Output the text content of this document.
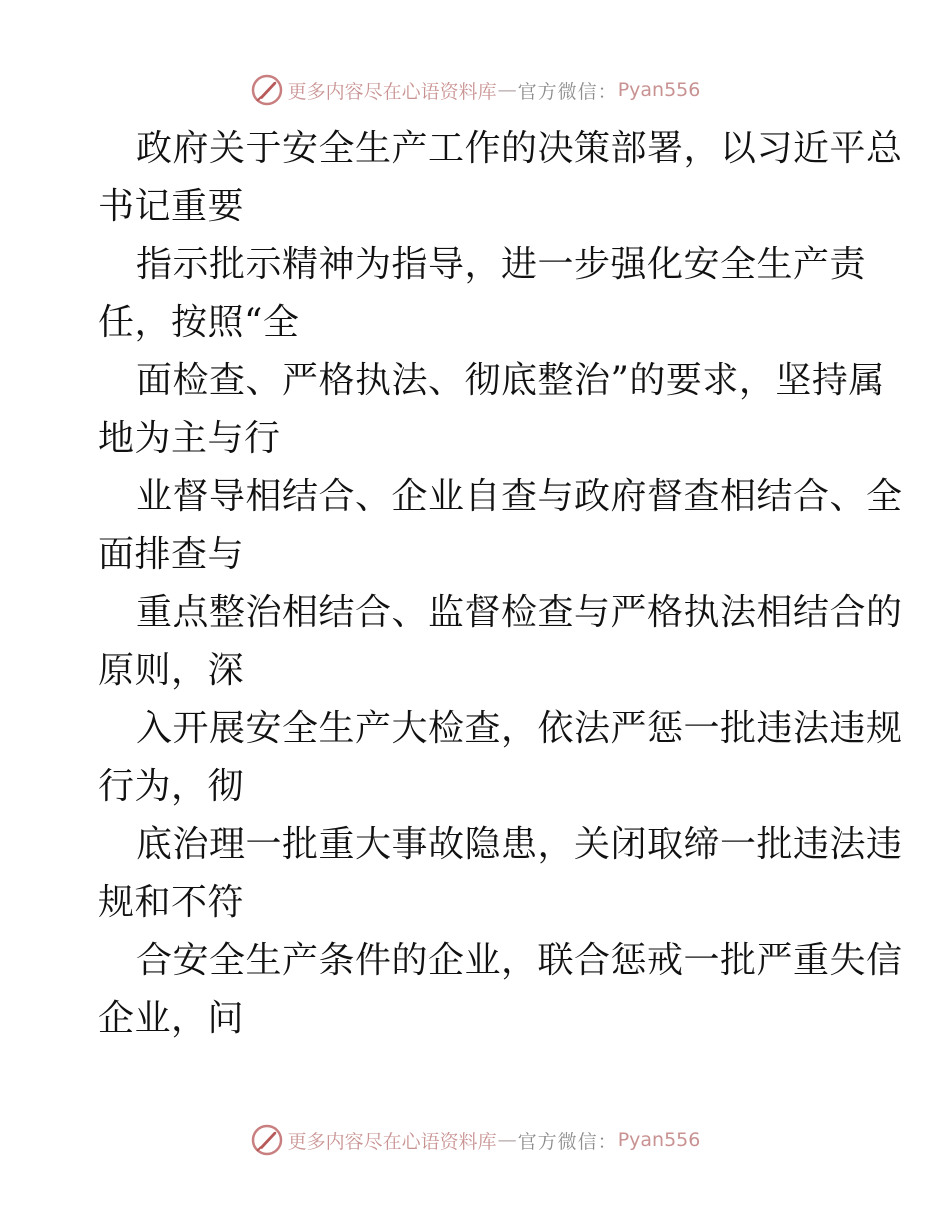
更多内容尽在心语资料库 — 官方微信： Pyan556
政府关于安全生产工作的决策部署，以习近平总
书记重要
指示批示精神为指导，进一步强化安全生产责
任，按照“全
面检查、严格执法、彻底整治”的要求，坚持属
地为主与行
业督导相结合、企业自查与政府督查相结合、全
面排查与
重点整治相结合、监督检查与严格执法相结合的
原则，深
入开展安全生产大检查，依法严惩一批违法违规
行为，彻
底治理一批重大事故隐患，关闭取缔一批违法违
规和不符
合安全生产条件的企业，联合惩戒一批严重失信
企业，问
更多内容尽在心语资料库 — 官方微信： Pyan556
